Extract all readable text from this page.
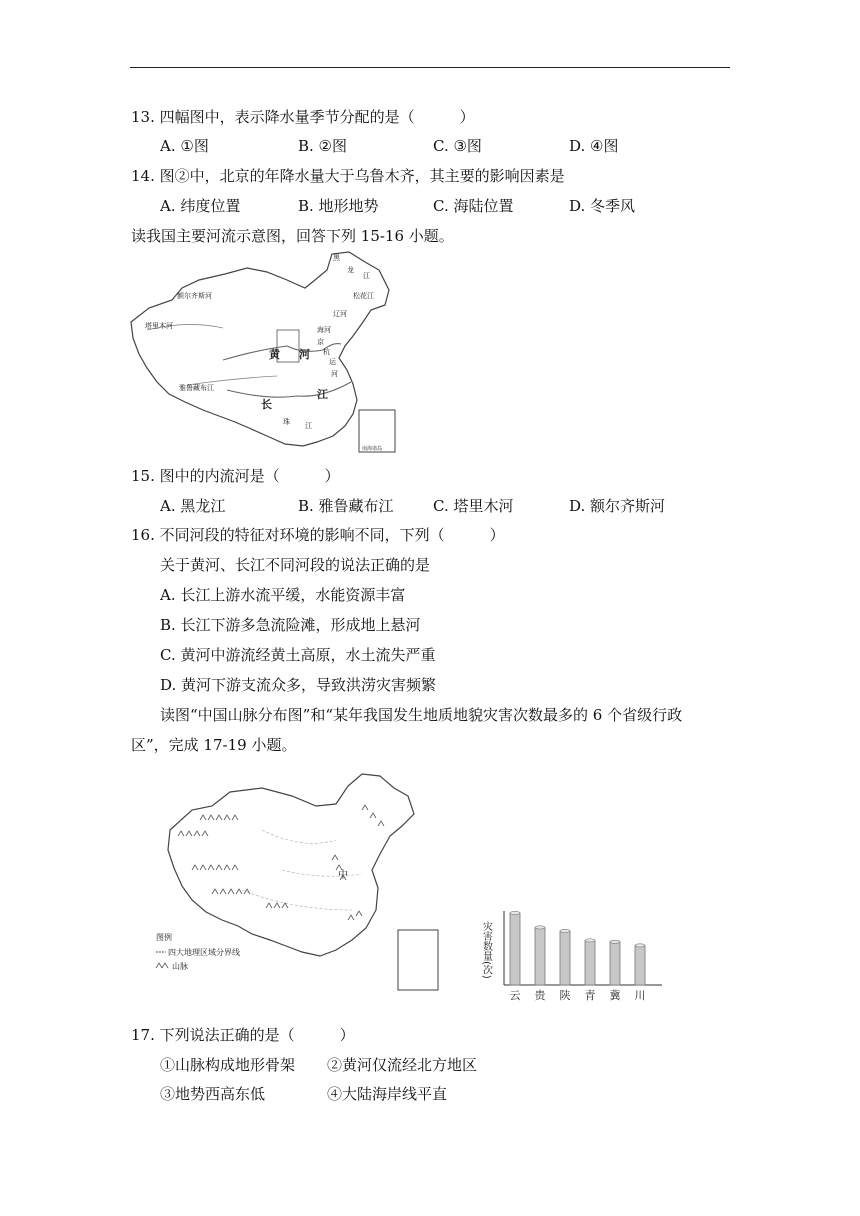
13. 四幅图中，表示降水量季节分配的是（　　　）
A. ①图	B. ②图	C. ③图	D. ④图
14. 图②中，北京的年降水量大于乌鲁木齐，其主要的影响因素是
A. 纬度位置	B. 地形地势	C. 海陆位置	D. 冬季风
读我国主要河流示意图，回答下列 15-16 小题。
黑
龙
江
松花江
额尔齐斯河
塔里木河
辽河
海河
京
杭
运
河
黄 河
雅鲁藏布江
长
江
珠 江
南海诸岛
15. 图中的内流河是（　　　）
A. 黑龙江	B. 雅鲁藏布江	C. 塔里木河	D. 额尔齐斯河
16. 不同河段的特征对环境的影响不同，下列（　　　）
关于黄河、长江不同河段的说法正确的是
A. 长江上游水流平缓，水能资源丰富
B. 长江下游多急流险滩，形成地上悬河
C. 黄河中游流经黄土高原，水土流失严重
D. 黄河下游支流众多，导致洪涝灾害频繁
读图“中国山脉分布图”和“某年我国发生地质地貌灾害次数最多的 6 个省级行政
区”，完成 17-19 小题。
中
图例
四大地理区域分界线
山脉	灾害数量(次)
云 贵 陕 青 冀 川
17. 下列说法正确的是（　　　）
①山脉构成地形骨架 ②黄河仅流经北方地区
③地势西高东低	④大陆海岸线平直
